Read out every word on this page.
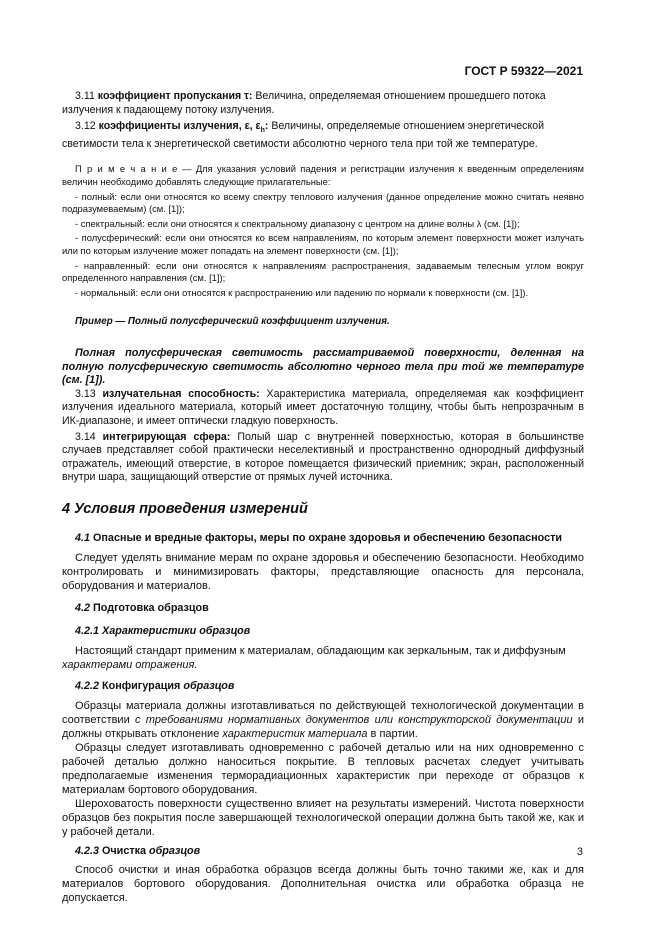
ГОСТ Р 59322—2021

3.11 коэффициент пропускания τ: Величина, определяемая отношением прошедшего потока

излучения к падающему потоку излучения.

3.12 коэффициенты излучения, ε, $\varepsilon_h$: Величины, определяемые отношением энергетической

светимости тела к энергетической светимости абсолютно черного тела при той же температуре.

П р и м е ч а н и е — Для указания условий падения и регистрации излучения к введенным определениям величин необходимо добавлять следующие прилагательные:

- полный: если они относятся ко всему спектру теплового излучения (данное определение можно считать неявно подразумеваемым) (см. [1]);

- спектральный: если они относятся к спектральному диапазону с центром на длине волны λ (см. [1]);

- полусферический: если они относятся ко всем направлениям, по которым элемент поверхности может излучать или по которым излучение может попадать на элемент поверхности (см. [1]);

- направленный: если они относятся к направлениям распространения, задаваемым телесным углом вокруг определенного направления (см. [1]);

- нормальный: если они относятся к распространению или падению по нормали к поверхности (см. [1]).

Пример — Полный полусферический коэффициент излучения.

Полная полусферическая светимость рассматриваемой поверхности, деленная на полную полусферическую светимость абсолютно черного тела при той же температуре (см. [1]).

3.13 излучательная способность: Характеристика материала, определяемая как коэффициент излучения идеального материала, который имеет достаточную толщину, чтобы быть непрозрачным в ИК-диапазоне, и имеет оптически гладкую поверхность.

3.14 интегрирующая сфера: Полый шар с внутренней поверхностью, которая в большинстве случаев представляет собой практически неселективный и пространственно однородный диффузный отражатель, имеющий отверстие, в которое помещается физический приемник; экран, расположенный внутри шара, защищающий отверстие от прямых лучей источника.

4 Условия проведения измерений
4.1 Опасные и вредные факторы, меры по охране здоровья и обеспечению безопасности

Следует уделять внимание мерам по охране здоровья и обеспечению безопасности. Необходимо контролировать и минимизировать факторы, представляющие опасность для персонала, оборудования и материалов.

4.2 Подготовка образцов
4.2.1 Характеристики образцов

Настоящий стандарт применим к материалам, обладающим как зеркальным, так и диффузным

характерами отражения.

4.2.2 Конфигурация образцов

Образцы материала должны изготавливаться по действующей технологической документации в соответствии с требованиями нормативных документов или конструкторской документации и должны открывать отклонение характеристик материала в партии.

Образцы следует изготавливать одновременно с рабочей деталью или на них одновременно с рабочей деталью должно наноситься покрытие. В тепловых расчетах следует учитывать предполагаемые изменения терморадиационных характеристик при переходе от образцов к материалам бортового оборудования.

Шероховатость поверхности существенно влияет на результаты измерений. Чистота поверхности образцов без покрытия после завершающей технологической операции должна быть такой же, как и у рабочей детали.

4.2.3 Очистка образцов

Способ очистки и иная обработка образцов всегда должны быть точно такими же, как и для материалов бортового оборудования. Дополнительная очистка или обработка образца не допускается.

3
